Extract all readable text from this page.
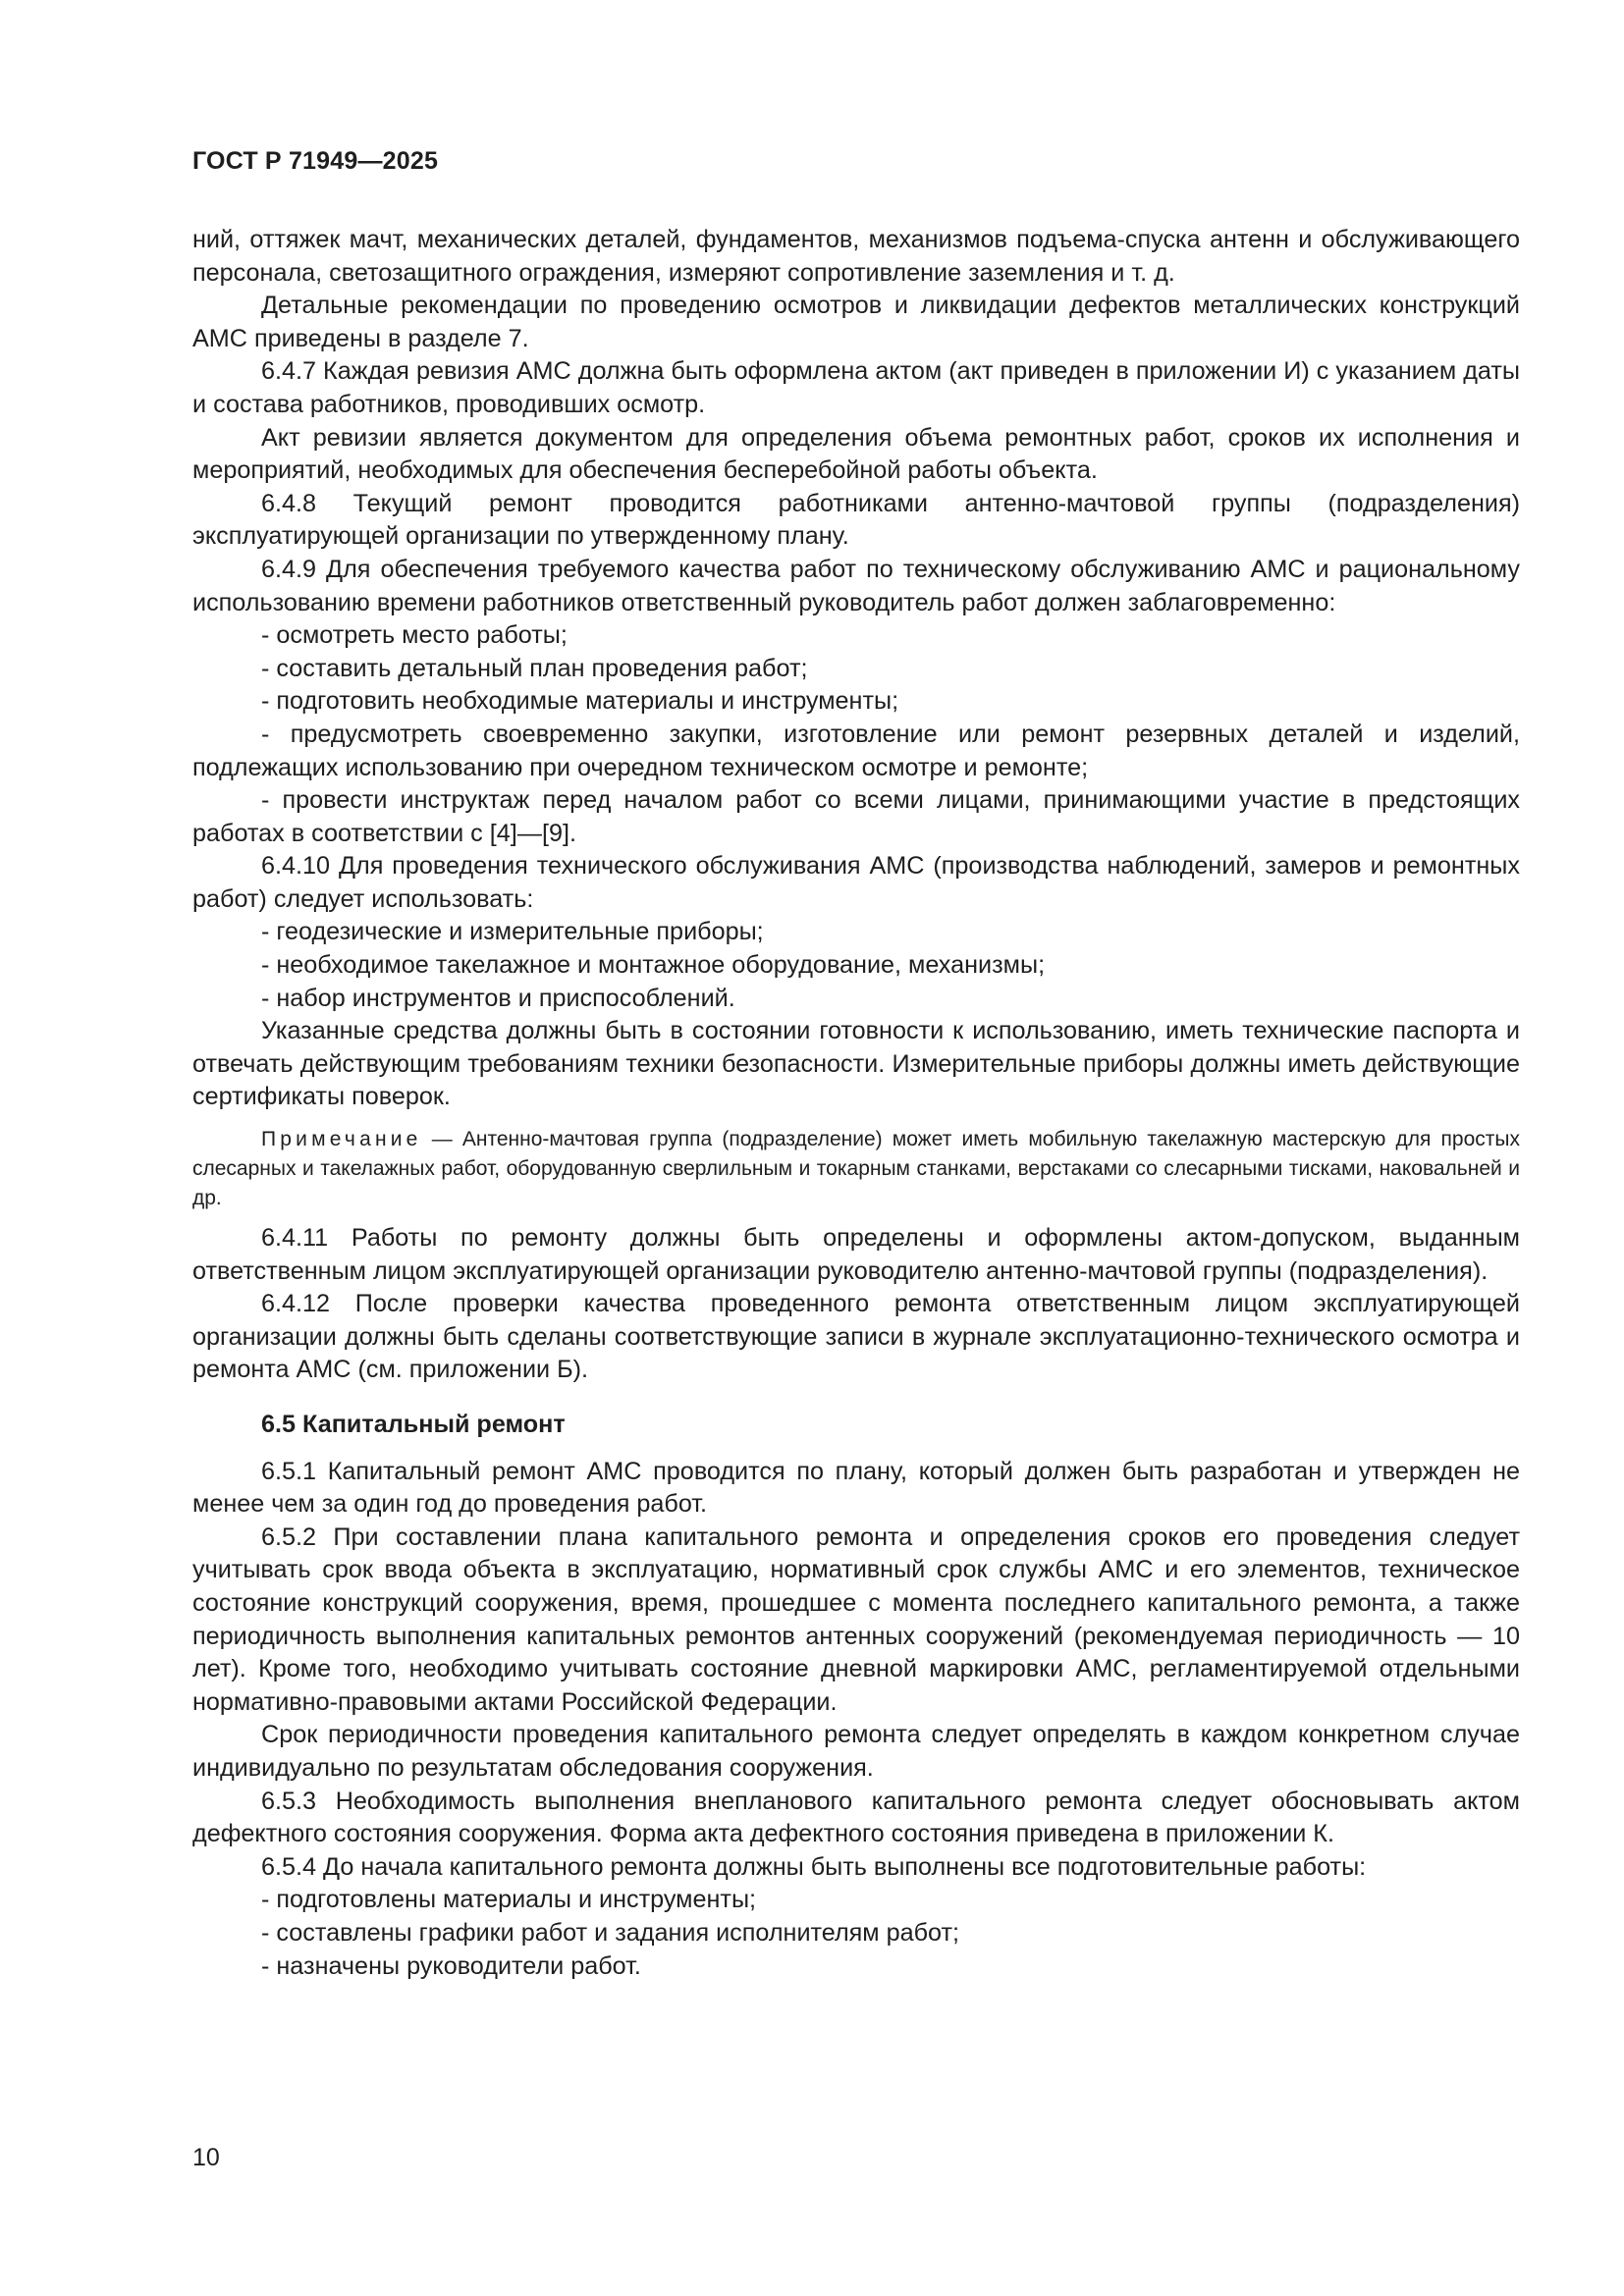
ГОСТ Р 71949—2025

ний, оттяжек мачт, механических деталей, фундаментов, механизмов подъема-спуска антенн и обслуживающего персонала, светозащитного ограждения, измеряют сопротивление заземления и т. д.

Детальные рекомендации по проведению осмотров и ликвидации дефектов металлических конструкций АМС приведены в разделе 7.

6.4.7 Каждая ревизия АМС должна быть оформлена актом (акт приведен в приложении И) с указанием даты и состава работников, проводивших осмотр.

Акт ревизии является документом для определения объема ремонтных работ, сроков их исполнения и мероприятий, необходимых для обеспечения бесперебойной работы объекта.

6.4.8 Текущий ремонт проводится работниками антенно-мачтовой группы (подразделения) эксплуатирующей организации по утвержденному плану.

6.4.9 Для обеспечения требуемого качества работ по техническому обслуживанию АМС и рациональному использованию времени работников ответственный руководитель работ должен заблаговременно:

- осмотреть место работы;

- составить детальный план проведения работ;

- подготовить необходимые материалы и инструменты;

- предусмотреть своевременно закупки, изготовление или ремонт резервных деталей и изделий, подлежащих использованию при очередном техническом осмотре и ремонте;

- провести инструктаж перед началом работ со всеми лицами, принимающими участие в предстоящих работах в соответствии с [4]—[9].

6.4.10 Для проведения технического обслуживания АМС (производства наблюдений, замеров и ремонтных работ) следует использовать:

- геодезические и измерительные приборы;

- необходимое такелажное и монтажное оборудование, механизмы;

- набор инструментов и приспособлений.

Указанные средства должны быть в состоянии готовности к использованию, иметь технические паспорта и отвечать действующим требованиям техники безопасности. Измерительные приборы должны иметь действующие сертификаты поверок.

Примечание — Антенно-мачтовая группа (подразделение) может иметь мобильную такелажную мастерскую для простых слесарных и такелажных работ, оборудованную сверлильным и токарным станками, верстаками со слесарными тисками, наковальней и др.

6.4.11 Работы по ремонту должны быть определены и оформлены актом-допуском, выданным ответственным лицом эксплуатирующей организации руководителю антенно-мачтовой группы (подразделения).

6.4.12 После проверки качества проведенного ремонта ответственным лицом эксплуатирующей организации должны быть сделаны соответствующие записи в журнале эксплуатационно-технического осмотра и ремонта АМС (см. приложении Б).

6.5 Капитальный ремонт

6.5.1 Капитальный ремонт АМС проводится по плану, который должен быть разработан и утвержден не менее чем за один год до проведения работ.

6.5.2 При составлении плана капитального ремонта и определения сроков его проведения следует учитывать срок ввода объекта в эксплуатацию, нормативный срок службы АМС и его элементов, техническое состояние конструкций сооружения, время, прошедшее с момента последнего капитального ремонта, а также периодичность выполнения капитальных ремонтов антенных сооружений (рекомендуемая периодичность — 10 лет). Кроме того, необходимо учитывать состояние дневной маркировки АМС, регламентируемой отдельными нормативно-правовыми актами Российской Федерации.

Срок периодичности проведения капитального ремонта следует определять в каждом конкретном случае индивидуально по результатам обследования сооружения.

6.5.3 Необходимость выполнения внепланового капитального ремонта следует обосновывать актом дефектного состояния сооружения. Форма акта дефектного состояния приведена в приложении К.

6.5.4 До начала капитального ремонта должны быть выполнены все подготовительные работы:

- подготовлены материалы и инструменты;

- составлены графики работ и задания исполнителям работ;

- назначены руководители работ.

10
